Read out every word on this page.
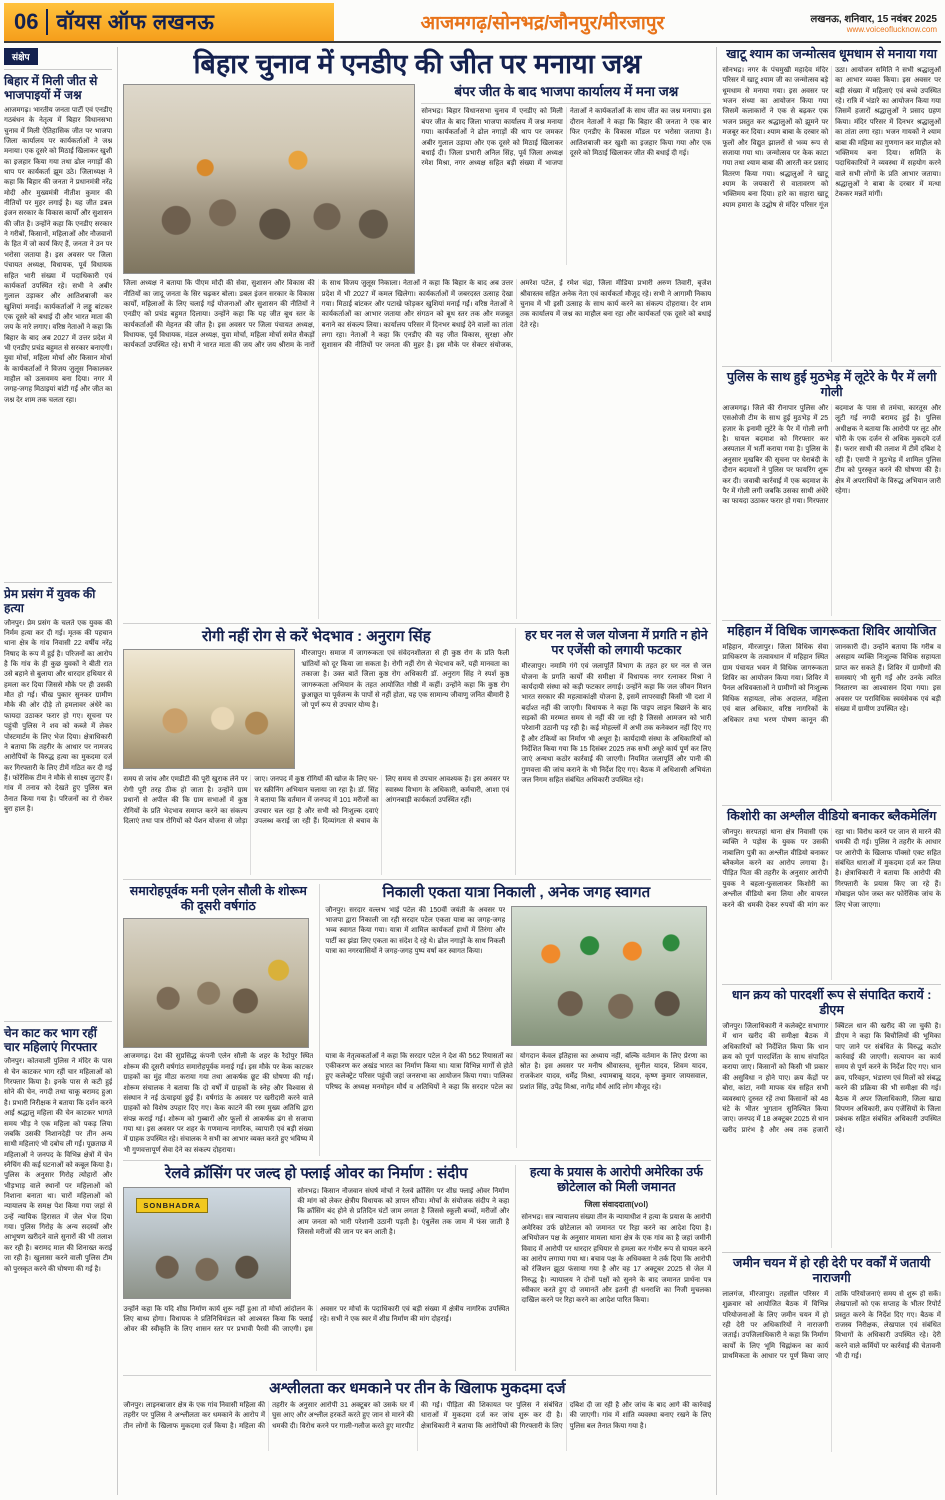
06 वॉयस ऑफ लखनऊ	आजमगढ़/सोनभद्र/जौनपुर/मीरजापुर	लखनऊ, शनिवार, 15 नवंबर 2025
www.voiceoflucknow.com
संक्षेप
बिहार में मिली जीत से भाजपाइयों में जश्न
आजमगढ़। भारतीय जनता पार्टी एवं एनडीए गठबंधन के नेतृत्व में बिहार विधानसभा चुनाव में मिली ऐतिहासिक जीत पर भाजपा जिला कार्यालय पर कार्यकर्ताओं ने जश्न मनाया। एक दूसरे को मिठाई खिलाकर खुशी का इजहार किया गया तथा ढोल नगाड़ों की थाप पर कार्यकर्ता झूम उठे। जिलाध्यक्ष ने कहा कि बिहार की जनता ने प्रधानमंत्री नरेंद्र मोदी और मुख्यमंत्री नीतीश कुमार की नीतियों पर मुहर लगाई है। यह जीत डबल इंजन सरकार के विकास कार्यों और सुशासन की जीत है। उन्होंने कहा कि एनडीए सरकार ने गरीबों, किसानों, महिलाओं और नौजवानों के हित में जो कार्य किए हैं, जनता ने उन पर भरोसा जताया है। इस अवसर पर जिला पंचायत अध्यक्ष, विधायक, पूर्व विधायक सहित भारी संख्या में पदाधिकारी एवं कार्यकर्ता उपस्थित रहे। सभी ने अबीर गुलाल उड़ाकर और आतिशबाजी कर खुशियां मनाईं। कार्यकर्ताओं ने लड्डू बांटकर एक दूसरे को बधाई दी और भारत माता की जय के नारे लगाए। वरिष्ठ नेताओं ने कहा कि बिहार के बाद अब 2027 में उत्तर प्रदेश में भी एनडीए प्रचंड बहुमत से सरकार बनाएगी। युवा मोर्चा, महिला मोर्चा और किसान मोर्चा के कार्यकर्ताओं ने विजय जुलूस निकालकर माहौल को उत्सवमय बना दिया। नगर में जगह-जगह मिठाइयां बांटी गईं और जीत का जश्न देर शाम तक चलता रहा।
प्रेम प्रसंग में युवक की हत्या
जौनपुर। प्रेम प्रसंग के चलते एक युवक की निर्मम हत्या कर दी गई। मृतक की पहचान थाना क्षेत्र के गांव निवासी 22 वर्षीय नरेंद्र निषाद के रूप में हुई है। परिजनों का आरोप है कि गांव के ही कुछ युवकों ने बीती रात उसे बहाने से बुलाया और धारदार हथियार से हमला कर दिया जिससे मौके पर ही उसकी मौत हो गई। चीख पुकार सुनकर ग्रामीण मौके की ओर दौड़े तो हमलावर अंधेरे का फायदा उठाकर फरार हो गए। सूचना पर पहुंची पुलिस ने शव को कब्जे में लेकर पोस्टमार्टम के लिए भेज दिया। क्षेत्राधिकारी ने बताया कि तहरीर के आधार पर नामजद आरोपियों के विरुद्ध हत्या का मुकदमा दर्ज कर गिरफ्तारी के लिए टीमें गठित कर दी गई हैं। फोरेंसिक टीम ने मौके से साक्ष्य जुटाए हैं। गांव में तनाव को देखते हुए पुलिस बल तैनात किया गया है। परिजनों का रो रोकर बुरा हाल है।
चेन काट कर भाग रहीं चार महिलाएं गिरफ्तार
जौनपुर। कोतवाली पुलिस ने मंदिर के पास से चेन काटकर भाग रहीं चार महिलाओं को गिरफ्तार किया है। इनके पास से कटी हुई सोने की चेन, नगदी तथा चाकू बरामद हुआ है। प्रभारी निरीक्षक ने बताया कि दर्शन करने आई श्रद्धालु महिला की चेन काटकर भागते समय भीड़ ने एक महिला को पकड़ लिया जबकि उसकी निशानदेही पर तीन अन्य साथी महिलाएं भी दबोच ली गईं। पूछताछ में महिलाओं ने जनपद के विभिन्न क्षेत्रों में चेन स्नैचिंग की कई घटनाओं को कबूल किया है। पुलिस के अनुसार गिरोह त्योहारों और भीड़भाड़ वाले स्थानों पर महिलाओं को निशाना बनाता था। चारों महिलाओं को न्यायालय के समक्ष पेश किया गया जहां से उन्हें न्यायिक हिरासत में जेल भेज दिया गया। पुलिस गिरोह के अन्य सदस्यों और आभूषण खरीदने वाले सुनारों की भी तलाश कर रही है। बरामद माल की शिनाख्त कराई जा रही है। खुलासा करने वाली पुलिस टीम को पुरस्कृत करने की घोषणा की गई है।
बिहार चुनाव में एनडीए की जीत पर मनाया जश्न
बंपर जीत के बाद भाजपा कार्यालय में मना जश्न
सोनभद्र। बिहार विधानसभा चुनाव में एनडीए को मिली बंपर जीत के बाद जिला भाजपा कार्यालय में जश्न मनाया गया। कार्यकर्ताओं ने ढोल नगाड़ों की थाप पर जमकर अबीर गुलाल उड़ाया और एक दूसरे को मिठाई खिलाकर बधाई दी। जिला प्रभारी अनिल सिंह, पूर्व जिला अध्यक्ष रमेश मिश्रा, नगर अध्यक्ष सहित बड़ी संख्या में भाजपा नेताओं ने कार्यकर्ताओं के साथ जीत का जश्न मनाया। इस दौरान नेताओं ने कहा कि बिहार की जनता ने एक बार फिर एनडीए के विकास मॉडल पर भरोसा जताया है। आतिशबाजी कर खुशी का इजहार किया गया और एक दूसरे को मिठाई खिलाकर जीत की बधाई दी गई।
जिला अध्यक्ष ने बताया कि पीएम मोदी की सेवा, सुशासन और विकास की नीतियों का जादू जनता के सिर चढ़कर बोला। डबल इंजन सरकार के विकास कार्यों, महिलाओं के लिए चलाई गई योजनाओं और सुशासन की नीतियों ने एनडीए को प्रचंड बहुमत दिलाया। उन्होंने कहा कि यह जीत बूथ स्तर के कार्यकर्ताओं की मेहनत की जीत है। इस अवसर पर जिला पंचायत अध्यक्ष, विधायक, पूर्व विधायक, मंडल अध्यक्ष, युवा मोर्चा, महिला मोर्चा समेत सैकड़ों कार्यकर्ता उपस्थित रहे। सभी ने भारत माता की जय और जय श्रीराम के नारों के साथ विजय जुलूस निकाला। नेताओं ने कहा कि बिहार के बाद अब उत्तर प्रदेश में भी 2027 में कमल खिलेगा। कार्यकर्ताओं में जबरदस्त उत्साह देखा गया। मिठाई बांटकर और पटाखे फोड़कर खुशियां मनाई गईं। वरिष्ठ नेताओं ने कार्यकर्ताओं का आभार जताया और संगठन को बूथ स्तर तक और मजबूत बनाने का संकल्प लिया। कार्यालय परिसर में दिनभर बधाई देने वालों का तांता लगा रहा। नेताओं ने कहा कि एनडीए की यह जीत विकास, सुरक्षा और सुशासन की नीतियों पर जनता की मुहर है। इस मौके पर सेक्टर संयोजक, अमरेश पटेल, ई रमेश चंद्रा, जिला मीडिया प्रभारी अरुण तिवारी, बृजेश श्रीवास्तव सहित अनेक नेता एवं कार्यकर्ता मौजूद रहे। सभी ने आगामी निकाय चुनाव में भी इसी उत्साह के साथ कार्य करने का संकल्प दोहराया। देर शाम तक कार्यालय में जश्न का माहौल बना रहा और कार्यकर्ता एक दूसरे को बधाई देते रहे।
रोगी नहीं रोग से करें भेदभाव : अनुराग सिंह
मीरजापुर। समाज में जागरूकता एवं संवेदनशीलता से ही कुष्ठ रोग के प्रति फैली भ्रांतियों को दूर किया जा सकता है। रोगी नहीं रोग से भेदभाव करें, यही मानवता का तकाजा है। उक्त बातें जिला कुष्ठ रोग अधिकारी डॉ. अनुराग सिंह ने स्पर्श कुष्ठ जागरूकता अभियान के तहत आयोजित गोष्ठी में कहीं। उन्होंने कहा कि कुष्ठ रोग छुआछूत या पूर्वजन्म के पापों से नहीं होता, यह एक सामान्य जीवाणु जनित बीमारी है जो पूर्ण रूप से उपचार योग्य है।
समय से जांच और एमडीटी की पूरी खुराक लेने पर रोगी पूरी तरह ठीक हो जाता है। उन्होंने ग्राम प्रधानों से अपील की कि ग्राम सभाओं में कुष्ठ रोगियों के प्रति भेदभाव समाप्त करने का संकल्प दिलाएं तथा पात्र रोगियों को पेंशन योजना से जोड़ा जाए। जनपद में कुष्ठ रोगियों की खोज के लिए घर-घर स्क्रीनिंग अभियान चलाया जा रहा है। डॉ. सिंह ने बताया कि वर्तमान में जनपद में 101 मरीजों का उपचार चल रहा है और सभी को निःशुल्क दवाएं उपलब्ध कराई जा रही हैं। दिव्यांगता से बचाव के लिए समय से उपचार आवश्यक है। इस अवसर पर स्वास्थ्य विभाग के अधिकारी, कर्मचारी, आशा एवं आंगनबाड़ी कार्यकर्ता उपस्थित रहीं।
हर घर नल से जल योजना में प्रगति न होने पर एजेंसी को लगायी फटकार
मीरजापुर। नमामि गंगे एवं जलापूर्ति विभाग के तहत हर घर नल से जल योजना के प्रगति कार्यों की समीक्षा में विधायक नगर रत्नाकर मिश्रा ने कार्यदायी संस्था को कड़ी फटकार लगाई। उन्होंने कहा कि जल जीवन मिशन भारत सरकार की महत्वाकांक्षी योजना है, इसमें लापरवाही किसी भी दशा में बर्दाश्त नहीं की जाएगी। विधायक ने कहा कि पाइप लाइन बिछाने के बाद सड़कों की मरम्मत समय से नहीं की जा रही है जिससे आमजन को भारी परेशानी उठानी पड़ रही है। कई मोहल्लों में अभी तक कनेक्शन नहीं दिए गए हैं और टंकियों का निर्माण भी अधूरा है। कार्यदायी संस्था के अधिकारियों को निर्देशित किया गया कि 15 दिसंबर 2025 तक सभी अधूरे कार्य पूर्ण कर लिए जाएं अन्यथा कठोर कार्रवाई की जाएगी। नियमित जलापूर्ति और पानी की गुणवत्ता की जांच कराने के भी निर्देश दिए गए। बैठक में अधिशासी अभियंता जल निगम सहित संबंधित अधिकारी उपस्थित रहे।
समारोहपूर्वक मनी एलेन सौली के शोरूम की दूसरी वर्षगांठ
आजमगढ़। देश की सुप्रसिद्ध कंपनी एलेन सौली के शहर के रैदोपुर स्थित शोरूम की दूसरी वर्षगांठ समारोहपूर्वक मनाई गई। इस मौके पर केक काटकर ग्राहकों का मुंह मीठा कराया गया तथा आकर्षक छूट की घोषणा की गई। शोरूम संचालक ने बताया कि दो वर्षों में ग्राहकों के स्नेह और विश्वास से संस्थान ने नई ऊंचाइयां छुई हैं। वर्षगांठ के अवसर पर खरीदारी करने वाले ग्राहकों को विशेष उपहार दिए गए। केक काटने की रस्म मुख्य अतिथि द्वारा संपन्न कराई गई। शोरूम को गुब्बारों और फूलों से आकर्षक ढंग से सजाया गया था। इस अवसर पर शहर के गणमान्य नागरिक, व्यापारी एवं बड़ी संख्या में ग्राहक उपस्थित रहे। संचालक ने सभी का आभार व्यक्त करते हुए भविष्य में भी गुणवत्तापूर्ण सेवा देने का संकल्प दोहराया।
निकाली एकता यात्रा निकाली , अनेक जगह स्वागत
जौनपुर। सरदार वल्लभ भाई पटेल की 150वीं जयंती के अवसर पर भाजपा द्वारा निकाली जा रही सरदार पटेल एकता यात्रा का जगह-जगह भव्य स्वागत किया गया। यात्रा में शामिल कार्यकर्ता हाथों में तिरंगा और पार्टी का झंडा लिए एकता का संदेश दे रहे थे। ढोल नगाड़ों के साथ निकली यात्रा का नगरवासियों ने जगह-जगह पुष्प वर्षा कर स्वागत किया।
यात्रा के नेतृत्वकर्ताओं ने कहा कि सरदार पटेल ने देश की 562 रियासतों का एकीकरण कर अखंड भारत का निर्माण किया था। यात्रा विभिन्न मार्गों से होते हुए कलेक्ट्रेट परिसर पहुंची जहां जनसभा का आयोजन किया गया। पालिका परिषद के अध्यक्ष मनमोहन मौर्य व अतिथियों ने कहा कि सरदार पटेल का योगदान केवल इतिहास का अध्याय नहीं, बल्कि वर्तमान के लिए प्रेरणा का स्रोत है। इस अवसर पर मनीष श्रीवास्तव, सुनील यादव, शिवम यादव, राजकेशर यादव, धर्मेंद्र मिश्रा, श्यामबाबू यादव, कृष्ण कुमार जायसवाल, प्रशांत सिंह, उपेंद्र मिश्रा, नागेंद्र मौर्य आदि लोग मौजूद रहे।
रेलवे क्रॉसिंग पर जल्द हो फ्लाई ओवर का निर्माण : संदीप
SONBHADRA
सोनभद्र। किसान नौजवान संघर्ष मोर्चा ने रेलवे क्रॉसिंग पर शीघ्र फ्लाई ओवर निर्माण की मांग को लेकर क्षेत्रीय विधायक को ज्ञापन सौंपा। मोर्चा के संयोजक संदीप ने कहा कि क्रॉसिंग बंद होने से प्रतिदिन घंटों जाम लगता है जिससे स्कूली बच्चों, मरीजों और आम जनता को भारी परेशानी उठानी पड़ती है। एंबुलेंस तक जाम में फंस जाती है जिससे मरीजों की जान पर बन आती है।
उन्होंने कहा कि यदि शीघ्र निर्माण कार्य शुरू नहीं हुआ तो मोर्चा आंदोलन के लिए बाध्य होगा। विधायक ने प्रतिनिधिमंडल को आश्वस्त किया कि फ्लाई ओवर की स्वीकृति के लिए शासन स्तर पर प्रभावी पैरवी की जाएगी। इस अवसर पर मोर्चा के पदाधिकारी एवं बड़ी संख्या में क्षेत्रीय नागरिक उपस्थित रहे। सभी ने एक स्वर में शीघ्र निर्माण की मांग दोहराई।
हत्या के प्रयास के आरोपी अमेरिका उर्फ छोटेलाल को मिली जमानत
जिला संवाददाता(vol)
सोनभद्र। सत्र न्यायालय संख्या तीन के न्यायाधीश ने हत्या के प्रयास के आरोपी अमेरिका उर्फ छोटेलाल को जमानत पर रिहा करने का आदेश दिया है। अभियोजन पक्ष के अनुसार मामला थाना क्षेत्र के एक गांव का है जहां जमीनी विवाद में आरोपी पर धारदार हथियार से हमला कर गंभीर रूप से घायल करने का आरोप लगाया गया था। बचाव पक्ष के अधिवक्ता ने तर्क दिया कि आरोपी को रंजिशन झूठा फंसाया गया है और वह 17 अक्टूबर 2025 से जेल में निरुद्ध है। न्यायालय ने दोनों पक्षों को सुनने के बाद जमानत प्रार्थना पत्र स्वीकार करते हुए दो जमानतें और इतनी ही धनराशि का निजी मुचलका दाखिल करने पर रिहा करने का आदेश पारित किया।
अश्लीलता कर धमकाने पर तीन के खिलाफ मुकदमा दर्ज
जौनपुर। लाइनबाजार क्षेत्र के एक गांव निवासी महिला की तहरीर पर पुलिस ने अश्लीलता कर धमकाने के आरोप में तीन लोगों के खिलाफ मुकदमा दर्ज किया है। महिला की तहरीर के अनुसार आरोपी 31 अक्टूबर को उसके घर में घुस आए और अश्लील हरकतें करते हुए जान से मारने की धमकी दी। विरोध करने पर गाली-गलौज करते हुए मारपीट की गई। पीड़िता की शिकायत पर पुलिस ने संबंधित धाराओं में मुकदमा दर्ज कर जांच शुरू कर दी है। क्षेत्राधिकारी ने बताया कि आरोपियों की गिरफ्तारी के लिए दबिश दी जा रही है और जांच के बाद आगे की कार्रवाई की जाएगी। गांव में शांति व्यवस्था बनाए रखने के लिए पुलिस बल तैनात किया गया है।
खाटू श्याम का जन्मोत्सव धूमधाम से मनाया गया
सोनभद्र। नगर के पंचमुखी महादेव मंदिर परिसर में खाटू श्याम जी का जन्मोत्सव बड़े धूमधाम से मनाया गया। इस अवसर पर भजन संध्या का आयोजन किया गया जिसमें कलाकारों ने एक से बढ़कर एक भजन प्रस्तुत कर श्रद्धालुओं को झूमने पर मजबूर कर दिया। श्याम बाबा के दरबार को फूलों और विद्युत झालरों से भव्य रूप से सजाया गया था। जन्मोत्सव पर केक काटा गया तथा श्याम बाबा की आरती कर प्रसाद वितरण किया गया। श्रद्धालुओं ने खाटू श्याम के जयकारों से वातावरण को भक्तिमय बना दिया। हारे का सहारा खाटू श्याम हमारा के उद्घोष से मंदिर परिसर गूंज उठा। आयोजन समिति ने सभी श्रद्धालुओं का आभार व्यक्त किया। इस अवसर पर बड़ी संख्या में महिलाएं एवं बच्चे उपस्थित रहे। रात्रि में भंडारे का आयोजन किया गया जिसमें हजारों श्रद्धालुओं ने प्रसाद ग्रहण किया। मंदिर परिसर में दिनभर श्रद्धालुओं का तांता लगा रहा। भजन गायकों ने श्याम बाबा की महिमा का गुणगान कर माहौल को भक्तिमय बना दिया। समिति के पदाधिकारियों ने व्यवस्था में सहयोग करने वाले सभी लोगों के प्रति आभार जताया। श्रद्धालुओं ने बाबा के दरबार में मत्था टेककर मन्नतें मांगीं।
पुलिस के साथ हुई मुठभेड़ में लूटेरे के पैर में लगी गोली
आजमगढ़। जिले की रौनापार पुलिस और एसओजी टीम के साथ हुई मुठभेड़ में 25 हजार के इनामी लूटेरे के पैर में गोली लगी है। घायल बदमाश को गिरफ्तार कर अस्पताल में भर्ती कराया गया है। पुलिस के अनुसार मुखबिर की सूचना पर घेराबंदी के दौरान बदमाशों ने पुलिस पर फायरिंग शुरू कर दी। जवाबी कार्रवाई में एक बदमाश के पैर में गोली लगी जबकि उसका साथी अंधेरे का फायदा उठाकर फरार हो गया। गिरफ्तार बदमाश के पास से तमंचा, कारतूस और लूटी गई नगदी बरामद हुई है। पुलिस अधीक्षक ने बताया कि आरोपी पर लूट और चोरी के एक दर्जन से अधिक मुकदमे दर्ज हैं। फरार साथी की तलाश में टीमें दबिश दे रही हैं। एसपी ने मुठभेड़ में शामिल पुलिस टीम को पुरस्कृत करने की घोषणा की है। क्षेत्र में अपराधियों के विरुद्ध अभियान जारी रहेगा।
महिहान में विधिक जागरूकता शिविर आयोजित
महिहान, मीरजापुर। जिला विधिक सेवा प्राधिकरण के तत्वावधान में महिहान स्थित ग्राम पंचायत भवन में विधिक जागरूकता शिविर का आयोजन किया गया। शिविर में पैनल अधिवक्ताओं ने ग्रामीणों को निःशुल्क विधिक सहायता, लोक अदालत, महिला एवं बाल अधिकार, वरिष्ठ नागरिकों के अधिकार तथा भरण पोषण कानून की जानकारी दी। उन्होंने बताया कि गरीब व असहाय व्यक्ति निःशुल्क विधिक सहायता प्राप्त कर सकते हैं। शिविर में ग्रामीणों की समस्याएं भी सुनी गईं और उनके त्वरित निस्तारण का आश्वासन दिया गया। इस अवसर पर पराविधिक स्वयंसेवक एवं बड़ी संख्या में ग्रामीण उपस्थित रहे।
किशोरी का अश्लील वीडियो बनाकर ब्लैकमेलिंग
जौनपुर। सरपतहां थाना क्षेत्र निवासी एक व्यक्ति ने पड़ोस के युवक पर उसकी नाबालिग पुत्री का अश्लील वीडियो बनाकर ब्लैकमेल करने का आरोप लगाया है। पीड़ित पिता की तहरीर के अनुसार आरोपी युवक ने बहला-फुसलाकर किशोरी का अश्लील वीडियो बना लिया और वायरल करने की धमकी देकर रुपयों की मांग कर रहा था। विरोध करने पर जान से मारने की धमकी दी गई। पुलिस ने तहरीर के आधार पर आरोपी के खिलाफ पॉक्सो एक्ट सहित संबंधित धाराओं में मुकदमा दर्ज कर लिया है। क्षेत्राधिकारी ने बताया कि आरोपी की गिरफ्तारी के प्रयास किए जा रहे हैं। मोबाइल फोन जब्त कर फोरेंसिक जांच के लिए भेजा जाएगा।
धान क्रय को पारदर्शी रूप से संपादित करायें : डीएम
जौनपुर। जिलाधिकारी ने कलेक्ट्रेट सभागार में धान खरीद की समीक्षा बैठक में अधिकारियों को निर्देशित किया कि धान क्रय को पूर्ण पारदर्शिता के साथ संपादित कराया जाए। किसानों को किसी भी प्रकार की असुविधा न होने पाए। क्रय केंद्रों पर बोरा, कांटा, नमी मापक यंत्र सहित सभी व्यवस्थाएं दुरुस्त रहें तथा किसानों को 48 घंटे के भीतर भुगतान सुनिश्चित किया जाए। जनपद में 18 अक्टूबर 2025 से धान खरीद प्रारंभ है और अब तक हजारों क्विंटल धान की खरीद की जा चुकी है। डीएम ने कहा कि बिचौलियों की भूमिका पाए जाने पर संबंधित के विरुद्ध कठोर कार्रवाई की जाएगी। सत्यापन का कार्य समय से पूर्ण करने के निर्देश दिए गए। धान क्रय, परिवहन, भंडारण एवं मिलों को संबद्ध करने की प्रक्रिया की भी समीक्षा की गई। बैठक में अपर जिलाधिकारी, जिला खाद्य विपणन अधिकारी, क्रय एजेंसियों के जिला प्रबंधक सहित संबंधित अधिकारी उपस्थित रहे।
जमीन चयन में हो रही देरी पर वर्कों में जतायी नाराजगी
लालगंज, मीरजापुर। तहसील परिसर में शुक्रवार को आयोजित बैठक में विभिन्न परियोजनाओं के लिए जमीन चयन में हो रही देरी पर अधिकारियों ने नाराजगी जताई। उपजिलाधिकारी ने कहा कि निर्माण कार्यों के लिए भूमि चिह्नांकन का कार्य प्राथमिकता के आधार पर पूर्ण किया जाए ताकि परियोजनाएं समय से शुरू हो सकें। लेखपालों को एक सप्ताह के भीतर रिपोर्ट प्रस्तुत करने के निर्देश दिए गए। बैठक में राजस्व निरीक्षक, लेखपाल एवं संबंधित विभागों के अधिकारी उपस्थित रहे। देरी करने वाले कर्मियों पर कार्रवाई की चेतावनी भी दी गई।
